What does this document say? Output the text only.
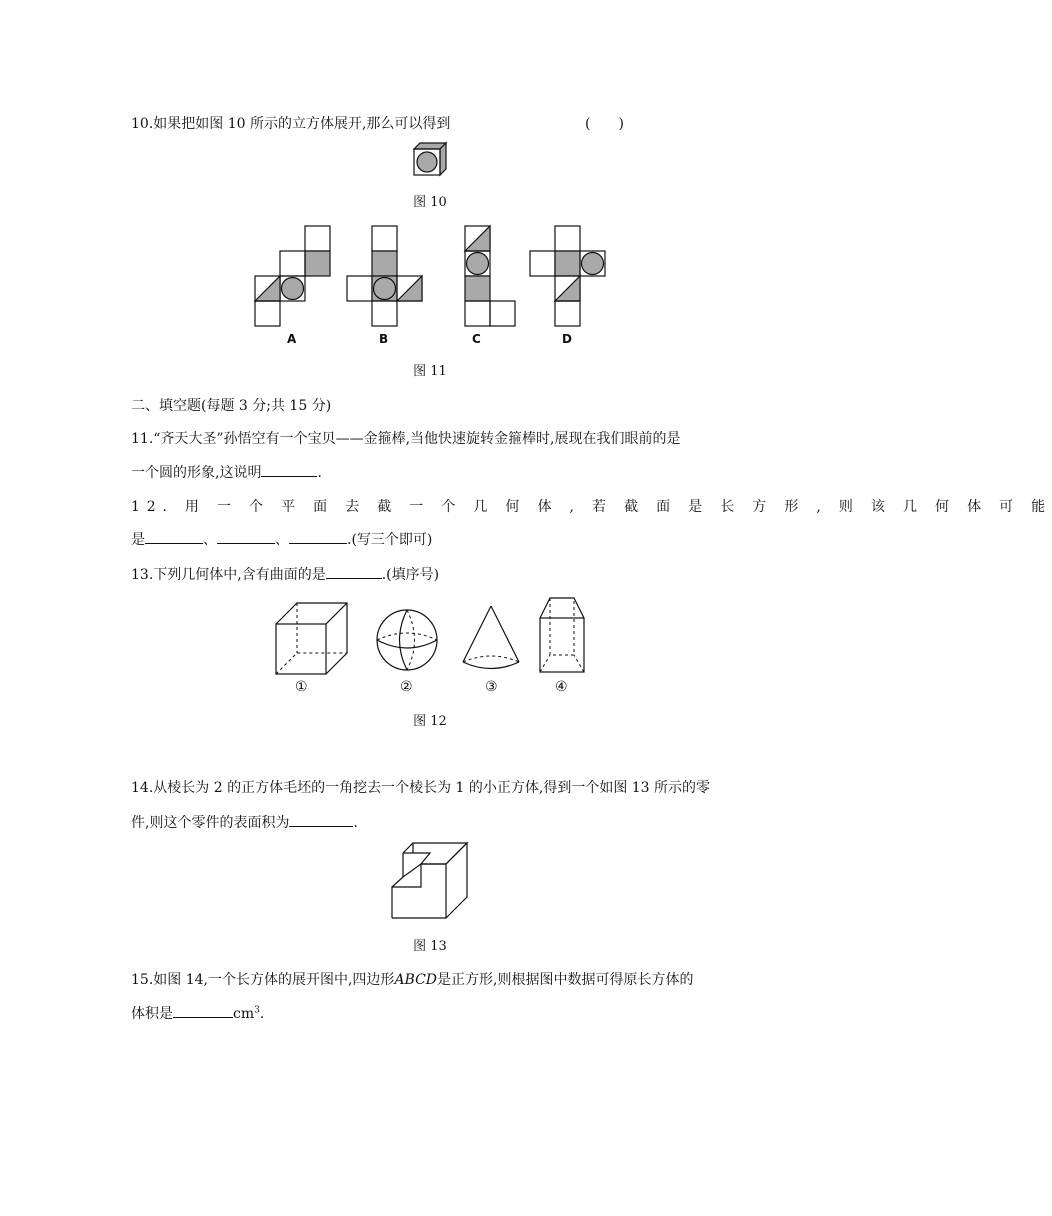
10.如果把如图 10 所示的立方体展开,那么可以得到	(　　)
图 10
A	B	C	D
图 11
二、填空题(每题 3 分;共 15 分)
11.“齐天大圣”孙悟空有一个宝贝——金箍棒,当他快速旋转金箍棒时,展现在我们眼前的是
一个圆的形象,这说明	.
12. 用 一 个 平 面 去 截 一 个 几 何 体 , 若 截 面 是 长 方 形 , 则 该 几 何 体 可 能
是	、	、	.(写三个即可)
13.下列几何体中,含有曲面的是	.(填序号)
①	②	③	④
图 12
14.从棱长为 2 的正方体毛坯的一角挖去一个棱长为 1 的小正方体,得到一个如图 13 所示的零
件,则这个零件的表面积为	.
图 13
15.如图 14,一个长方体的展开图中,四边形ABCD是正方形,则根据图中数据可得原长方体的
体积是	$cm^3$.
